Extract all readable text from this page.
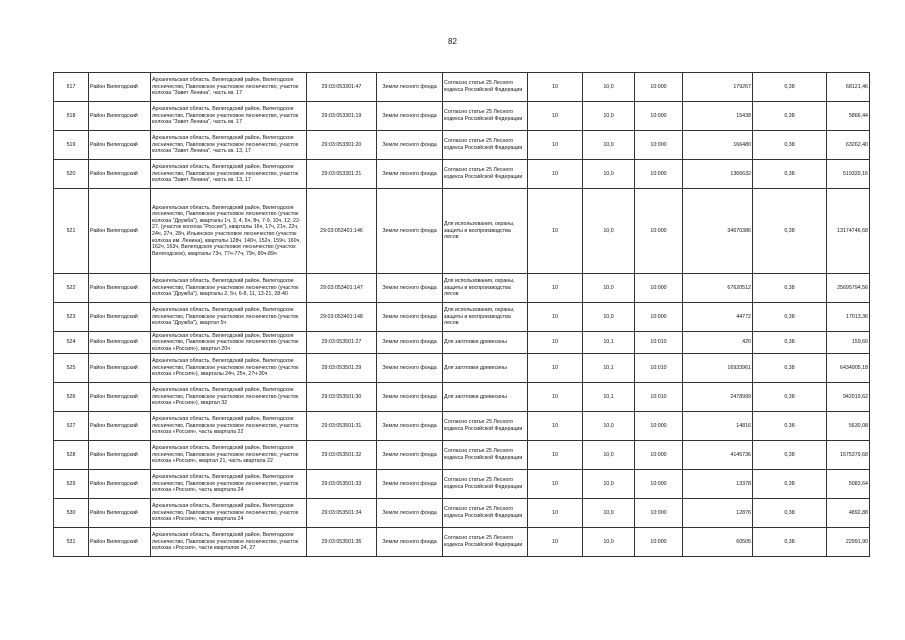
82
517	Район Вилегодский	Архангельская область, Вилегодский район, Вилегодское лесничество, Павловское участковое лесничество, участок колхоза "Завет Ленина", часть кв. 17	29:03:053301:47	Земли лесного фонда	Согласно статье 25 Лесного кодекса Российской Федерации	10	10,0	10:000	179267	0,38	68121,46
518	Район Вилегодский	Архангельская область, Вилегодский район, Вилегодское лесничество, Павловское участковое лесничество, участок колхоза "Завет Ленина", часть кв. 17	29:03:053301:19	Земли лесного фонда	Согласно статье 25 Лесного кодекса Российской Федерации	10	10,0	10:000	15438	0,38	5866,44
519	Район Вилегодский	Архангельская область, Вилегодский район, Вилегодское лесничество, Павловское участковое лесничество, участок колхоза "Завет Ленина", часть кв. 13, 17	29:03:053301:20	Земли лесного фонда	Согласно статье 25 Лесного кодекса Российской Федерации	10	10,0	10:000	166480	0,38	63262,40
520	Район Вилегодский	Архангельская область, Вилегодский район, Вилегодское лесничество, Павловское участковое лесничество, участок колхоза "Завет Ленина", часть кв. 13, 17	29:03:053301:21	Земли лесного фонда	Согласно статье 25 Лесного кодекса Российской Федерации	10	10,0	10:000	1366632	0,38	519320,16
521	Район Вилегодский	Архангельская область, Вилегодский район, Вилегодское лесничество, Павловское участковое лесничество (участок колхоза "Дружба"), кварталы 1ч, 3, 4, 6ч, 8ч, 7-9, 10ч, 12, 22-27, (участок колхоза "Россия"), кварталы 16ч, 17ч, 21ч, 22ч, 24ч, 27ч, 28ч, Ильинское участковое лесничество (участок колхоза им. Ленина), кварталы 128ч, 140ч, 152ч, 159ч, 160ч, 162ч, 163ч, Вилегодское участковое лесничество (участок Вилегодское), кварталы 73ч, 77ч-77ч, 79ч, 80ч-89ч	29:03:053401:146	Земли лесного фонда	Для использования, охраны, защиты и воспроизводства лесов	10	10,0	10:000	34670386	0,38	13174746,68
522	Район Вилегодский	Архангельская область, Вилегодский район, Вилегодское лесничество, Павловское участковое лесничество (участок колхоза "Дружба"), кварталы 2, 5ч, 6-8, 11, 13-21, 28-40	29:03:053401:147	Земли лесного фонда	Для использования, охраны, защиты и воспроизводства лесов	10	10,0	10:000	67620512	0,38	25695794,56
523	Район Вилегодский	Архангельская область, Вилегодский район, Вилегодское лесничество, Павловское участковое лесничество (участок колхоза "Дружба"), квартал 5ч	29:03:053401:148	Земли лесного фонда	Для использования, охраны, защиты и воспроизводства лесов	10	10,0	10:000	44772	0,38	17013,36
524	Район Вилегодский	Архангельская область, Вилегодский район, Вилегодское лесничество, Павловское участковое лесничество (участок колхоза «Россия»), квартал 20ч	29:03:053501:27	Земли лесного фонда	Для заготовки древесины	10	10,1	10:010	420	0,38	159,60
525	Район Вилегодский	Архангельская область, Вилегодский район, Вилегодское лесничество, Павловское участковое лесничество (участок колхоза «Россия»), кварталы 24ч, 25ч, 27ч-30ч	29:03:053501:29	Земли лесного фонда	Для заготовки древесины	10	10,1	10:010	16933961	0,38	6434905,18
526	Район Вилегодский	Архангельская область, Вилегодский район, Вилегодское лесничество, Павловское участковое лесничество (участок колхоза «Россия»), квартал 32	29:03:053501:30	Земли лесного фонда	Для заготовки древесины	10	10,1	10:010	2478999	0,38	942019,62
527	Район Вилегодский	Архангельская область, Вилегодский район, Вилегодское лесничество, Павловское участковое лесничество, участок колхоза «Россия», часть квартала 22	29:03:053501:31	Земли лесного фонда	Согласно статье 25 Лесного кодекса Российской Федерации	10	10,0	10:000	14816	0,38	5630,08
528	Район Вилегодский	Архангельская область, Вилегодский район, Вилегодское лесничество, Павловское участковое лесничество, участок колхоза «Россия», квартал 21, часть квартала 22	29:03:053501:32	Земли лесного фонда	Согласно статье 25 Лесного кодекса Российской Федерации	10	10,0	10:000	4145736	0,38	1575379,68
529	Район Вилегодский	Архангельская область, Вилегодский район, Вилегодское лесничество, Павловское участковое лесничество, участок колхоза «Россия», часть квартала 24	29:03:053501:33	Земли лесного фонда	Согласно статье 25 Лесного кодекса Российской Федерации	10	10,0	10:000	13378	0,38	5083,64
530	Район Вилегодский	Архангельская область, Вилегодский район, Вилегодское лесничество, Павловское участковое лесничество, участок колхоза «Россия», часть квартала 24	29:03:053501:34	Земли лесного фонда	Согласно статье 25 Лесного кодекса Российской Федерации	10	10,0	10:000	12876	0,38	4892,88
531	Район Вилегодский	Архангельская область, Вилегодский район, Вилегодское лесничество, Павловское участковое лесничество, участок колхоза «Россия», части кварталов 24, 27	29:03:053501:36	Земли лесного фонда	Согласно статье 25 Лесного кодекса Российской Федерации	10	10,0	10:000	60505	0,38	22991,90
